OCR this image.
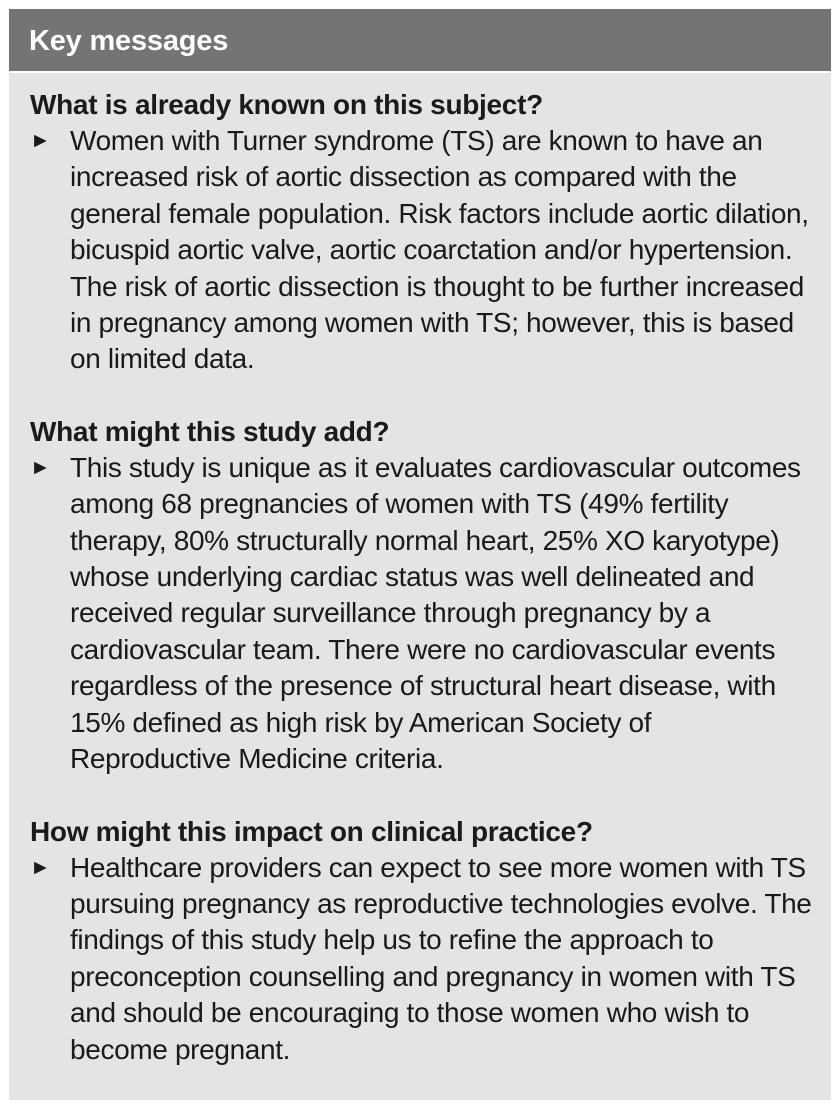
Key messages
What is already known on this subject?
► Women with Turner syndrome (TS) are known to have an increased risk of aortic dissection as compared with the general female population. Risk factors include aortic dilation, bicuspid aortic valve, aortic coarctation and/or hypertension. The risk of aortic dissection is thought to be further increased in pregnancy among women with TS; however, this is based on limited data.

What might this study add?
► This study is unique as it evaluates cardiovascular outcomes among 68 pregnancies of women with TS (49% fertility therapy, 80% structurally normal heart, 25% XO karyotype) whose underlying cardiac status was well delineated and received regular surveillance through pregnancy by a cardiovascular team. There were no cardiovascular events regardless of the presence of structural heart disease, with 15% defined as high risk by American Society of Reproductive Medicine criteria.

How might this impact on clinical practice?
► Healthcare providers can expect to see more women with TS pursuing pregnancy as reproductive technologies evolve. The findings of this study help us to refine the approach to preconception counselling and pregnancy in women with TS and should be encouraging to those women who wish to become pregnant.
